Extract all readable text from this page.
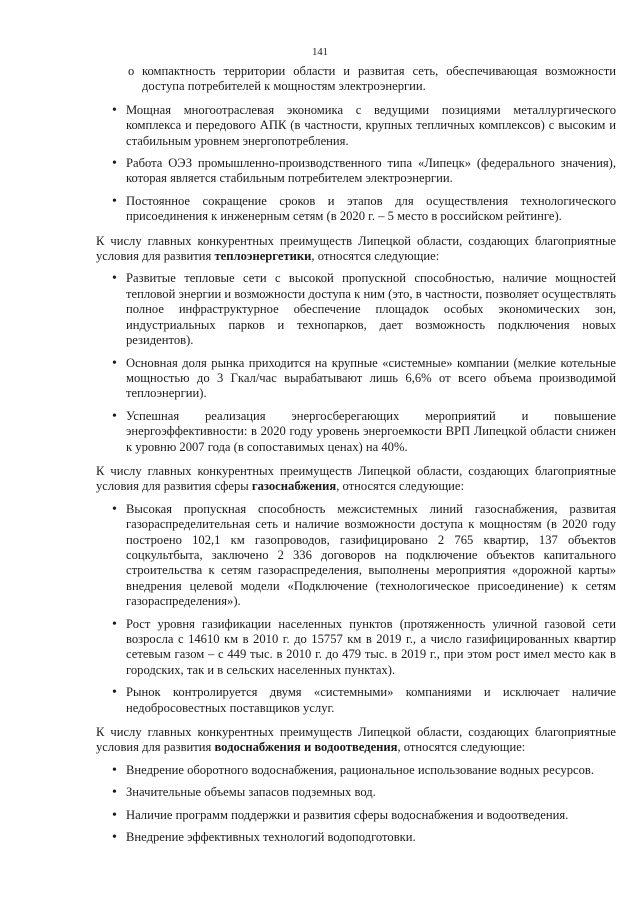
141
o компактность территории области и развитая сеть, обеспечивающая возможности доступа потребителей к мощностям электроэнергии.
• Мощная многоотраслевая экономика с ведущими позициями металлургического комплекса и передового АПК (в частности, крупных тепличных комплексов) с высоким и стабильным уровнем энергопотребления.
• Работа ОЭЗ промышленно-производственного типа «Липецк» (федерального значения), которая является стабильным потребителем электроэнергии.
• Постоянное сокращение сроков и этапов для осуществления технологического присоединения к инженерным сетям (в 2020 г. – 5 место в российском рейтинге).

К числу главных конкурентных преимуществ Липецкой области, создающих благоприятные условия для развития теплоэнергетики, относятся следующие:

• Развитые тепловые сети с высокой пропускной способностью, наличие мощностей тепловой энергии и возможности доступа к ним (это, в частности, позволяет осуществлять полное инфраструктурное обеспечение площадок особых экономических зон, индустриальных парков и технопарков, дает возможность подключения новых резидентов).
• Основная доля рынка приходится на крупные «системные» компании (мелкие котельные мощностью до 3 Гкал/час вырабатывают лишь 6,6% от всего объема производимой теплоэнергии).
• Успешная реализация энергосберегающих мероприятий и повышение энергоэффективности: в 2020 году уровень энергоемкости ВРП Липецкой области снижен к уровню 2007 года (в сопоставимых ценах) на 40%.

К числу главных конкурентных преимуществ Липецкой области, создающих благоприятные условия для развития сферы газоснабжения, относятся следующие:

• Высокая пропускная способность межсистемных линий газоснабжения, развитая газораспределительная сеть и наличие возможности доступа к мощностям (в 2020 году построено 102,1 км газопроводов, газифицировано 2 765 квартир, 137 объектов соцкультбыта, заключено 2 336 договоров на подключение объектов капитального строительства к сетям газораспределения, выполнены мероприятия «дорожной карты» внедрения целевой модели «Подключение (технологическое присоединение) к сетям газораспределения»).
• Рост уровня газификации населенных пунктов (протяженность уличной газовой сети возросла с 14610 км в 2010 г. до 15757 км в 2019 г., а число газифицированных квартир сетевым газом – с 449 тыс. в 2010 г. до 479 тыс. в 2019 г., при этом рост имел место как в городских, так и в сельских населенных пунктах).
• Рынок контролируется двумя «системными» компаниями и исключает наличие недобросовестных поставщиков услуг.

К числу главных конкурентных преимуществ Липецкой области, создающих благоприятные условия для развития водоснабжения и водоотведения, относятся следующие:

• Внедрение оборотного водоснабжения, рациональное использование водных ресурсов.
• Значительные объемы запасов подземных вод.
• Наличие программ поддержки и развития сферы водоснабжения и водоотведения.
• Внедрение эффективных технологий водоподготовки.
